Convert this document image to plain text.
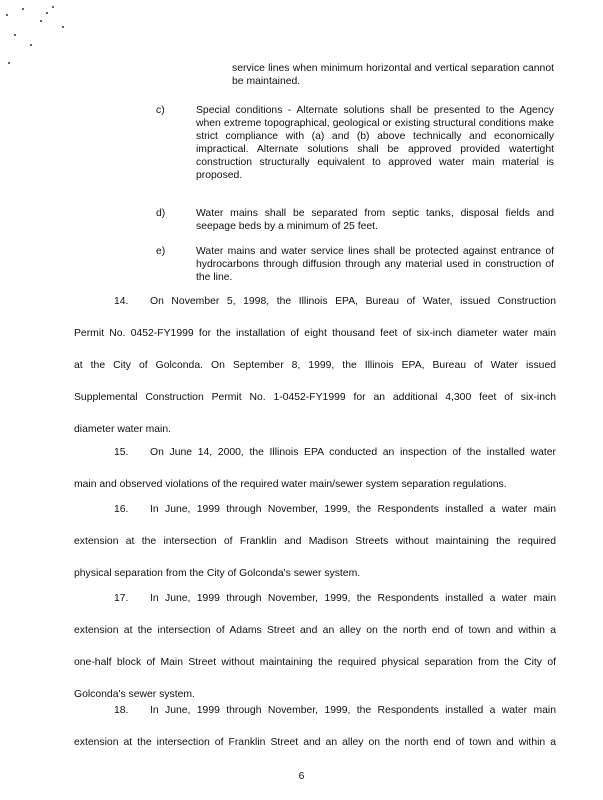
service lines when minimum horizontal and vertical separation cannot be maintained.
c)	Special conditions - Alternate solutions shall be presented to the Agency when extreme topographical, geological or existing structural conditions make strict compliance with (a) and (b) above technically and economically impractical. Alternate solutions shall be approved provided watertight construction structurally equivalent to approved water main material is proposed.
d)	Water mains shall be separated from septic tanks, disposal fields and seepage beds by a minimum of 25 feet.
e)	Water mains and water service lines shall be protected against entrance of hydrocarbons through diffusion through any material used in construction of the line.
14. On November 5, 1998, the Illinois EPA, Bureau of Water, issued Construction
Permit No. 0452-FY1999 for the installation of eight thousand feet of six-inch diameter water main
at the City of Golconda. On September 8, 1999, the Illinois EPA, Bureau of Water issued
Supplemental Construction Permit No. 1-0452-FY1999 for an additional 4,300 feet of six-inch
diameter water main.
15. On June 14, 2000, the Illinois EPA conducted an inspection of the installed water
main and observed violations of the required water main/sewer system separation regulations.
16. In June, 1999 through November, 1999, the Respondents installed a water main
extension at the intersection of Franklin and Madison Streets without maintaining the required
physical separation from the City of Golconda's sewer system.
17. In June, 1999 through November, 1999, the Respondents installed a water main
extension at the intersection of Adams Street and an alley on the north end of town and within a
one-half block of Main Street without maintaining the required physical separation from the City of
Golconda's sewer system.
18. In June, 1999 through November, 1999, the Respondents installed a water main
extension at the intersection of Franklin Street and an alley on the north end of town and within a
6
